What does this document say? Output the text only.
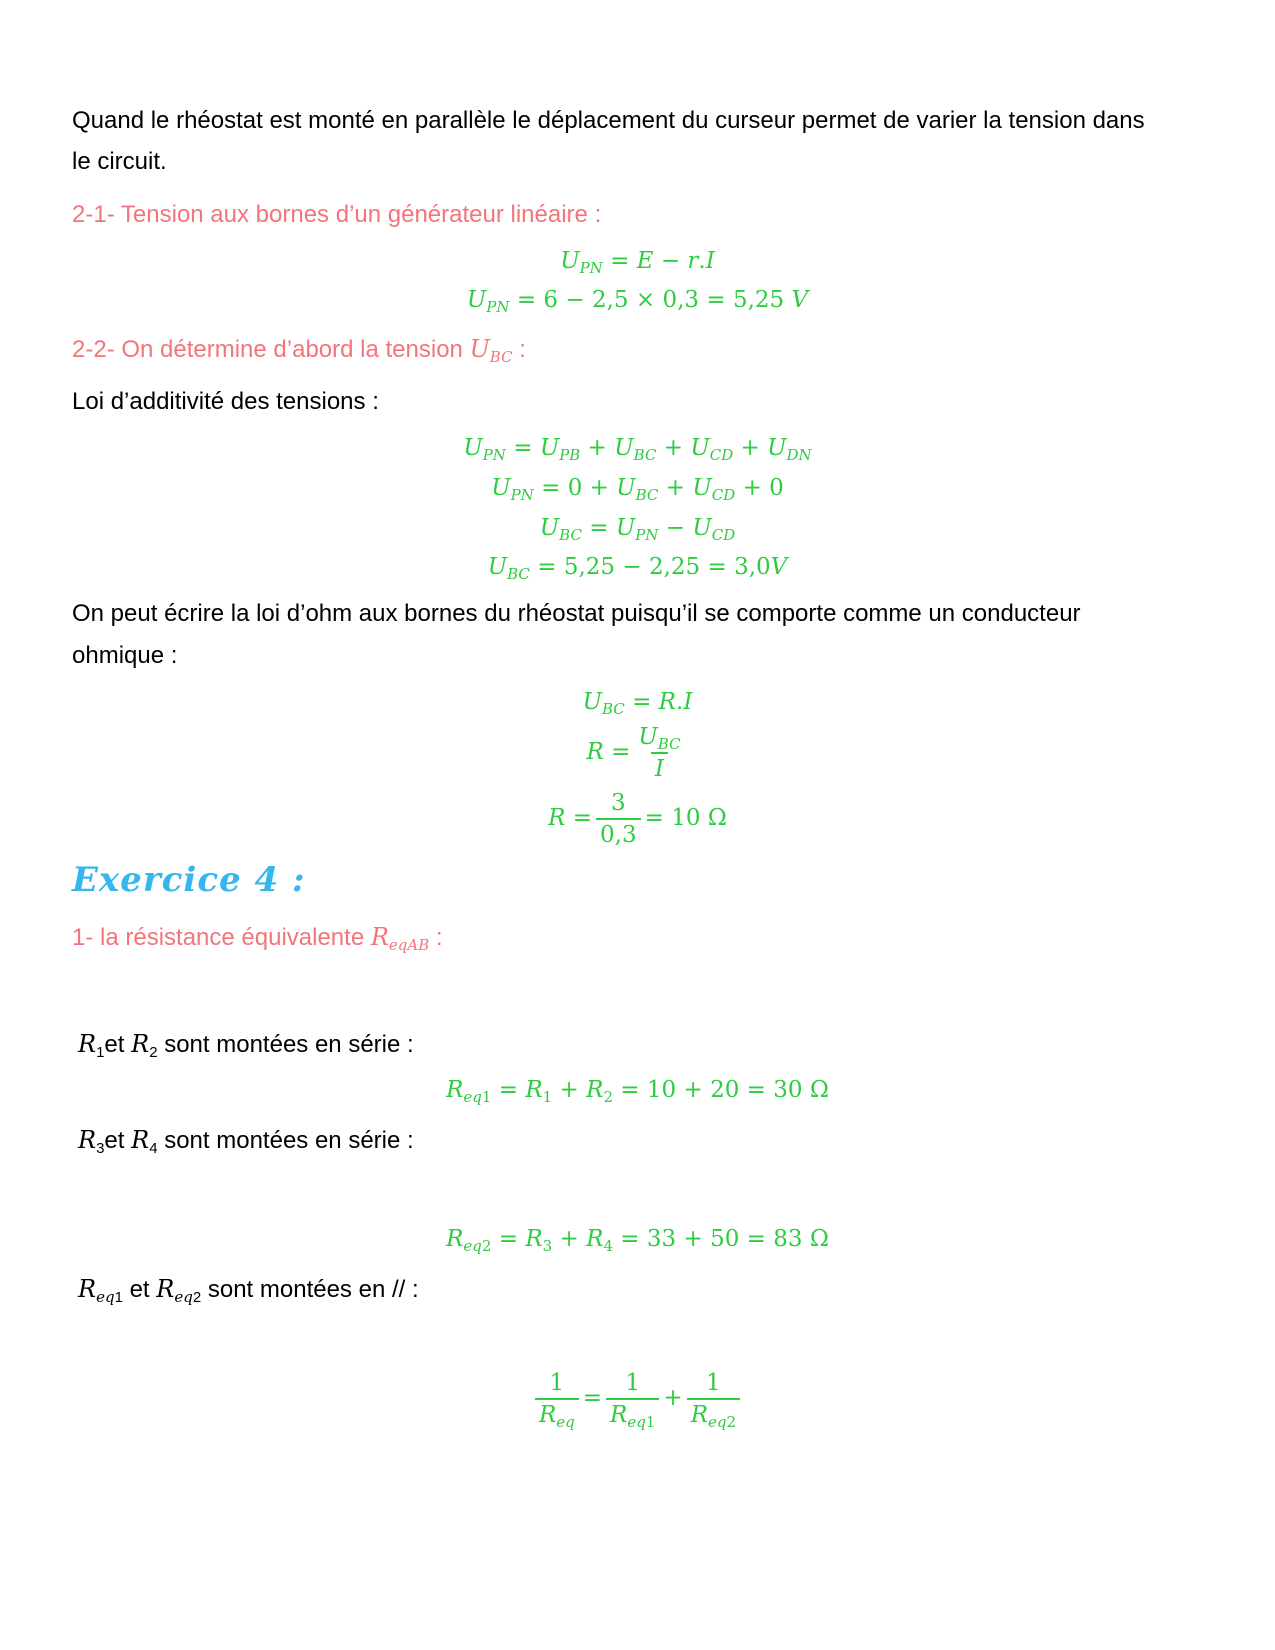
Quand le rhéostat est monté en parallèle le déplacement du curseur permet de varier la tension dans
le circuit.
2-1- Tension aux bornes d’un générateur linéaire :
$U_{PN} = E - r.I$
$U_{PN} = 6 - 2,5 \times 0,3 = 5,25$ V
2-2- On détermine d’abord la tension $U_{BC}$ :
Loi d’additivité des tensions :
$U_{PN} = U_{PB} + U_{BC} + U_{CD} + U_{DN}$
$U_{PN} = 0 + U_{BC} + U_{CD} + 0$
$U_{BC} = U_{PN} - U_{CD}$
$U_{BC} = 5,25 - 2,25 = 3,0V$
On peut écrire la loi d’ohm aux bornes du rhéostat puisqu’il se comporte comme un conducteur
ohmique :
$U_{BC} = R.I$
$R = \frac{U_{BC}}{I}$
$R = \frac{3}{0,3} = 10$ Ω
Exercice 4 :
1- la résistance équivalente $R_{eqAB}$ :
$R_1et$ $R_2$ sont montées en série :
$R_{eq1} = R_1 + R_2 = 10 + 20 = 30$ Ω
$R_3et$ $R_4$ sont montées en série :
$R_{eq2} = R_3 + R_4 = 33 + 50 = 83$ Ω
$R_{eq1}$ et $R_{eq2}$ sont montées en // :
$\frac{1}{R_{eq}} = \frac{1}{R_{eq1}} + \frac{1}{R_{eq2}}$
